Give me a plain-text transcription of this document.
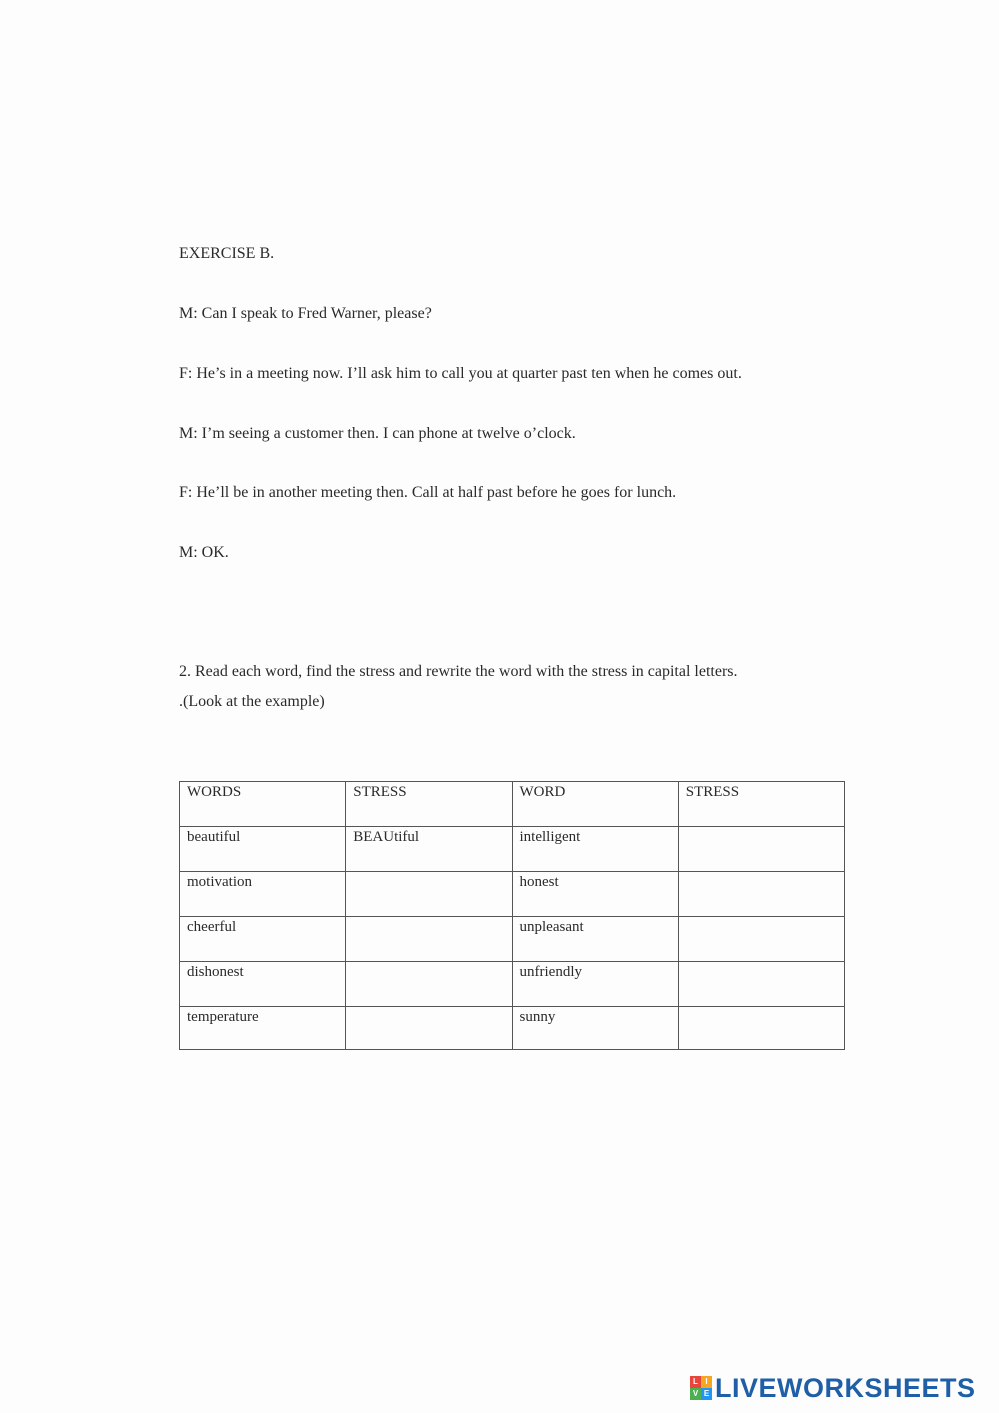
EXERCISE B.
M: Can I speak to Fred Warner, please?
F: He’s in a meeting now. I’ll ask him to call you at quarter past ten when he comes out.
M: I’m seeing a customer then. I can phone at twelve o’clock.
F: He’ll be in another meeting then. Call at half past before he goes for lunch.
M: OK.
2. Read each word, find the stress and rewrite the word with the stress in capital letters.
.(Look at the example)
WORDS	STRESS	WORD	STRESS
beautiful	BEAUtiful	intelligent	
motivation		honest	
cheerful		unpleasant	
dishonest		unfriendly	
temperature		sunny	
L I
V E LIVEWORKSHEETS
